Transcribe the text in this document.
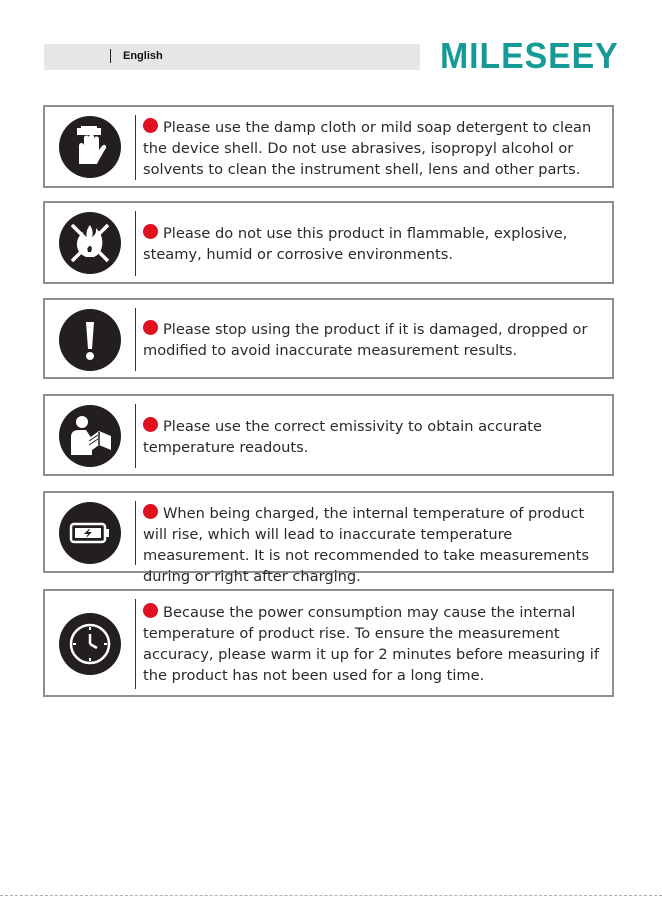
English	MILESEEY
Please use the damp cloth or mild soap detergent to clean the device shell. Do not use abrasives, isopropyl alcohol or solvents to clean the instrument shell, lens and other parts.
Please do not use this product in flammable, explosive, steamy, humid or corrosive environments.
Please stop using the product if it is damaged, dropped or modified to avoid inaccurate measurement results.
Please use the correct emissivity to obtain accurate temperature readouts.
When being charged, the internal temperature of product will rise, which will lead to inaccurate temperature measurement. It is not recommended to take measurements during or right after charging.
Because the power consumption may cause the internal temperature of product rise. To ensure the measurement accuracy, please warm it up for 2 minutes before measuring if the product has not been used for a long time.
